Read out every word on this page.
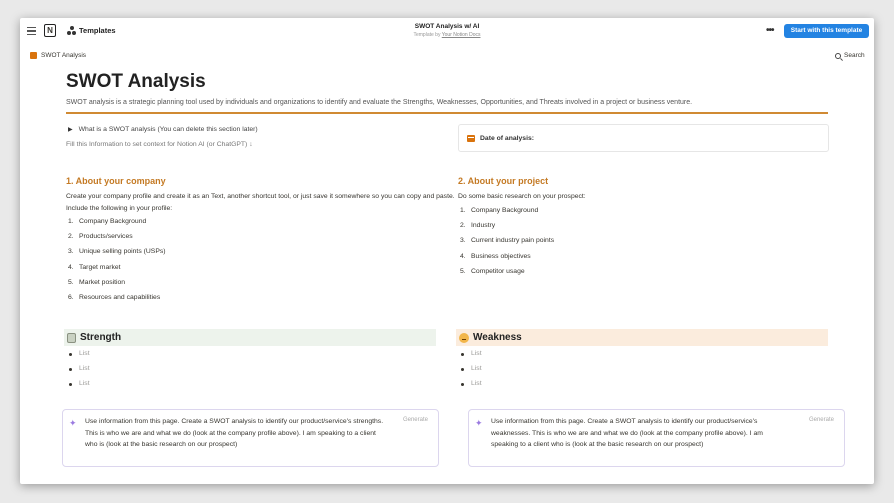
N	Templates	SWOT Analysis w/ AI
Template by Your Notion Docs	•••	Start with this template
SWOT Analysis	Search
SWOT Analysis
SWOT analysis is a strategic planning tool used by individuals and organizations to identify and evaluate the Strengths, Weaknesses, Opportunities, and Threats involved in a project or business venture.
▶ What is a SWOT analysis (You can delete this section later)
Fill this Information to set context for Notion AI (or ChatGPT) ↓
Date of analysis:
1. About your company
Create your company profile and create it as an Text, another shortcut tool, or just save it somewhere so you can copy and paste. Include the following in your profile:
1. Company Background
2. Products/services
3. Unique selling points (USPs)
4. Target market
5. Market position
6. Resources and capabilities
2. About your project
Do some basic research on your prospect:
1. Company Background
2. Industry
3. Current industry pain points
4. Business objectives
5. Competitor usage
Strength
List
List
List
Weakness
List
List
List
✦ Use information from this page. Create a SWOT analysis to identify our product/service's strengths. This is who we are and what we do (look at the company profile above). I am speaking to a client who is (look at the basic research on our prospect)
Generate	✦ Use information from this page. Create a SWOT analysis to identify our product/service's weaknesses. This is who we are and what we do (look at the company profile above). I am speaking to a client who is (look at the basic research on our prospect)
Generate
